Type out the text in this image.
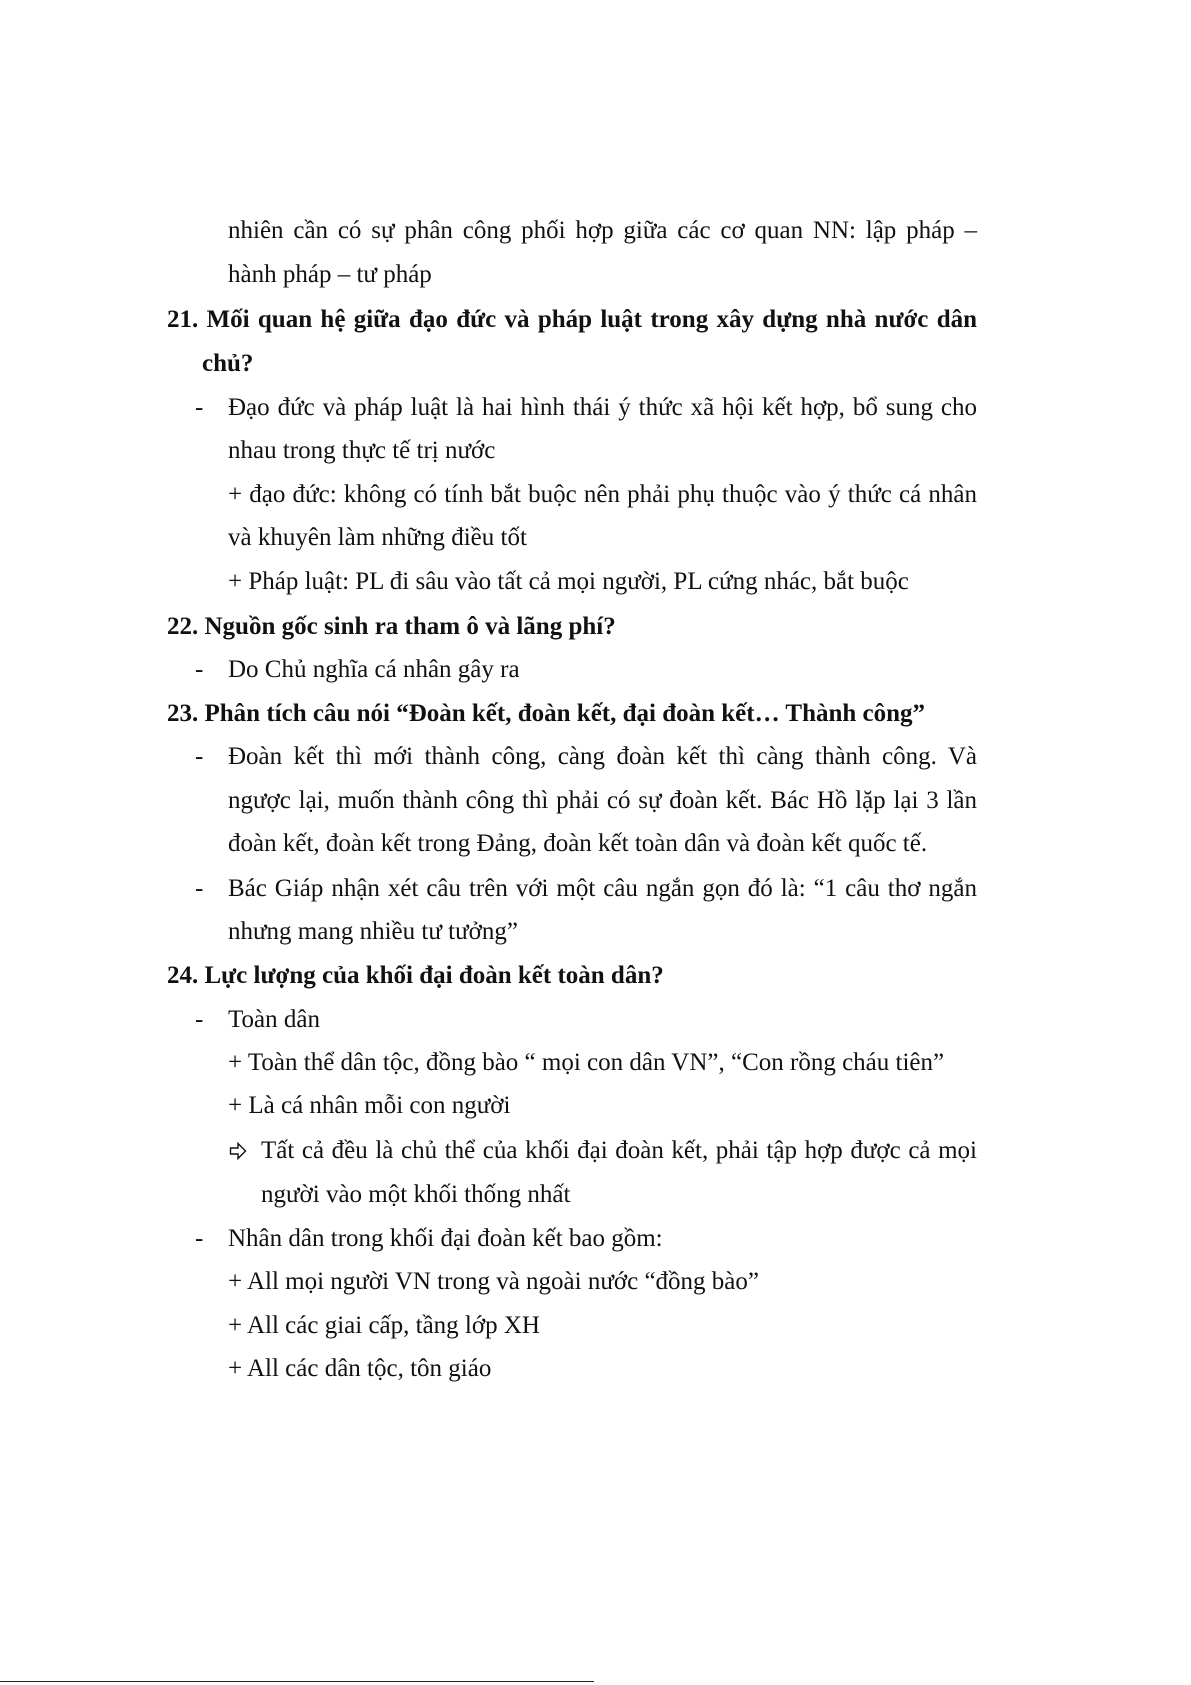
nhiên cần có sự phân công phối hợp giữa các cơ quan NN: lập pháp –
hành pháp – tư pháp
21. Mối quan hệ giữa đạo đức và pháp luật trong xây dựng nhà nước dân
chủ?
- Đạo đức và pháp luật là hai hình thái ý thức xã hội kết hợp, bổ sung cho
nhau trong thực tế trị nước
+ đạo đức: không có tính bắt buộc nên phải phụ thuộc vào ý thức cá nhân
và khuyên làm những điều tốt
+ Pháp luật: PL đi sâu vào tất cả mọi người, PL cứng nhác, bắt buộc
22. Nguồn gốc sinh ra tham ô và lãng phí?
- Do Chủ nghĩa cá nhân gây ra
23. Phân tích câu nói “Đoàn kết, đoàn kết, đại đoàn kết… Thành công”
- Đoàn kết thì mới thành công, càng đoàn kết thì càng thành công. Và
ngược lại, muốn thành công thì phải có sự đoàn kết. Bác Hồ lặp lại 3 lần
đoàn kết, đoàn kết trong Đảng, đoàn kết toàn dân và đoàn kết quốc tế.
- Bác Giáp nhận xét câu trên với một câu ngắn gọn đó là: “1 câu thơ ngắn
nhưng mang nhiều tư tưởng”
24. Lực lượng của khối đại đoàn kết toàn dân?
- Toàn dân
+ Toàn thể dân tộc, đồng bào “ mọi con dân VN”, “Con rồng cháu tiên”
+ Là cá nhân mỗi con người
Tất cả đều là chủ thể của khối đại đoàn kết, phải tập hợp được cả mọi
người vào một khối thống nhất
- Nhân dân trong khối đại đoàn kết bao gồm:
+ All mọi người VN trong và ngoài nước “đồng bào”
+ All các giai cấp, tầng lớp XH
+ All các dân tộc, tôn giáo
